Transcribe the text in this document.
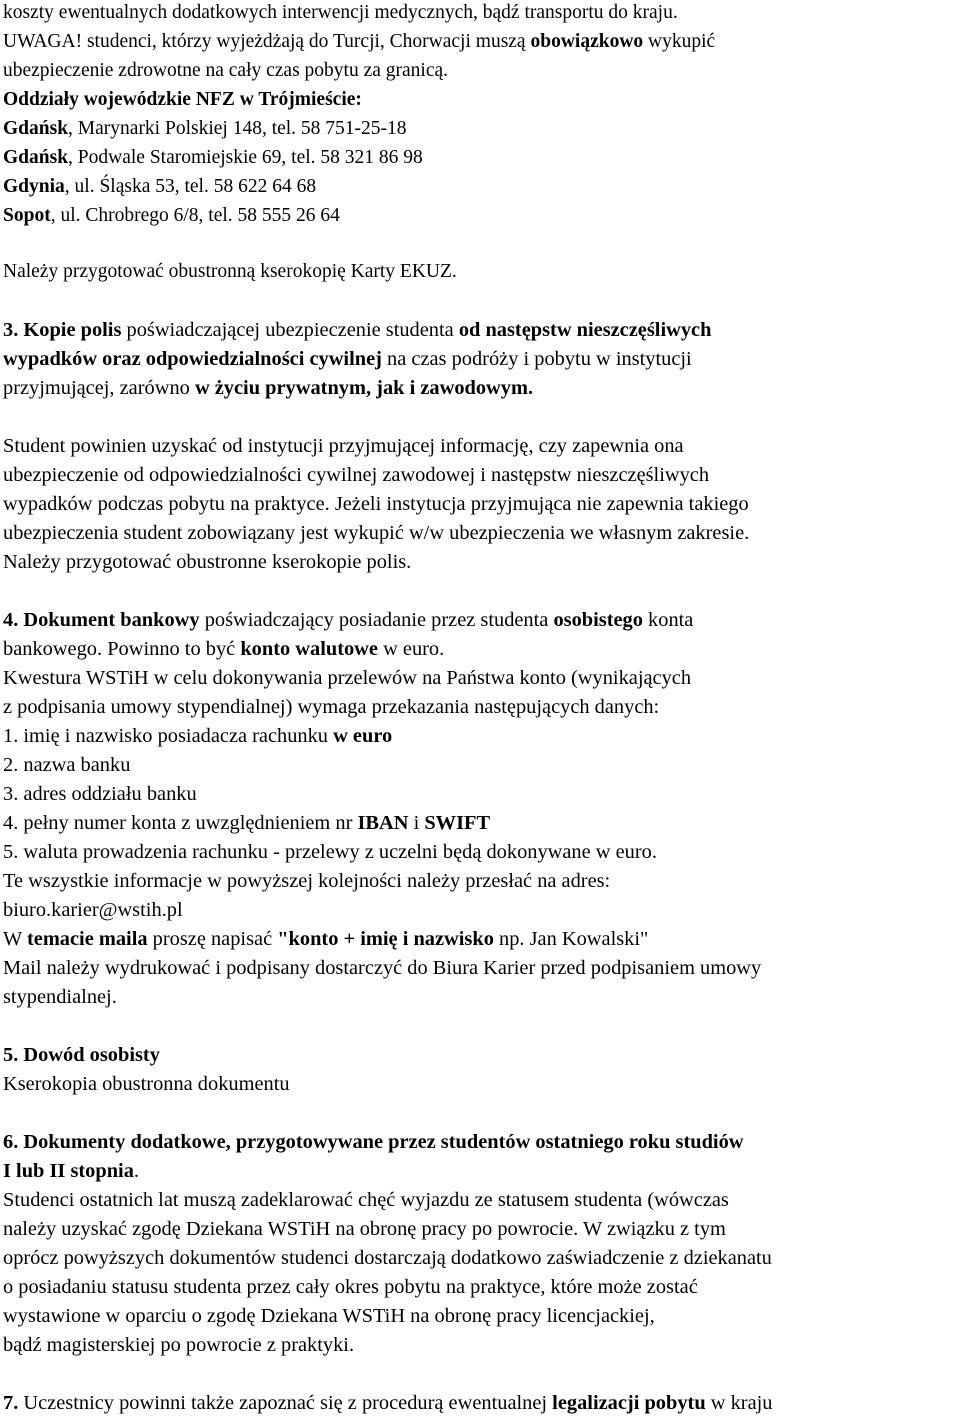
koszty ewentualnych dodatkowych interwencji medycznych, bądź transportu do kraju.
UWAGA! studenci, którzy wyjeżdżają do Turcji, Chorwacji muszą obowiązkowo wykupić
ubezpieczenie zdrowotne na cały czas pobytu za granicą.
Oddziały wojewódzkie NFZ w Trójmieście:
Gdańsk, Marynarki Polskiej 148, tel. 58 751-25-18
Gdańsk, Podwale Staromiejskie 69, tel. 58 321 86 98
Gdynia, ul. Śląska 53, tel. 58 622 64 68
Sopot, ul. Chrobrego 6/8, tel. 58 555 26 64
Należy przygotować obustronną kserokopię Karty EKUZ.
3. Kopie polis poświadczającej ubezpieczenie studenta od następstw nieszczęśliwych
wypadków oraz odpowiedzialności cywilnej na czas podróży i pobytu w instytucji
przyjmującej, zarówno w życiu prywatnym, jak i zawodowym.
Student powinien uzyskać od instytucji przyjmującej informację, czy zapewnia ona
ubezpieczenie od odpowiedzialności cywilnej zawodowej i następstw nieszczęśliwych
wypadków podczas pobytu na praktyce. Jeżeli instytucja przyjmująca nie zapewnia takiego
ubezpieczenia student zobowiązany jest wykupić w/w ubezpieczenia we własnym zakresie.
Należy przygotować obustronne kserokopie polis.
4. Dokument bankowy poświadczający posiadanie przez studenta osobistego konta
bankowego. Powinno to być konto walutowe w euro.
Kwestura WSTiH w celu dokonywania przelewów na Państwa konto (wynikających
z podpisania umowy stypendialnej) wymaga przekazania następujących danych:
1. imię i nazwisko posiadacza rachunku w euro
2. nazwa banku
3. adres oddziału banku
4. pełny numer konta z uwzględnieniem nr IBAN i SWIFT
5. waluta prowadzenia rachunku - przelewy z uczelni będą dokonywane w euro.
Te wszystkie informacje w powyższej kolejności należy przesłać na adres:
biuro.karier@wstih.pl
W temacie maila proszę napisać "konto + imię i nazwisko np. Jan Kowalski"
Mail należy wydrukować i podpisany dostarczyć do Biura Karier przed podpisaniem umowy
stypendialnej.
5. Dowód osobisty
Kserokopia obustronna dokumentu
6. Dokumenty dodatkowe, przygotowywane przez studentów ostatniego roku studiów
I lub II stopnia.
Studenci ostatnich lat muszą zadeklarować chęć wyjazdu ze statusem studenta (wówczas
należy uzyskać zgodę Dziekana WSTiH na obronę pracy po powrocie. W związku z tym
oprócz powyższych dokumentów studenci dostarczają dodatkowo zaświadczenie z dziekanatu
o posiadaniu statusu studenta przez cały okres pobytu na praktyce, które może zostać
wystawione w oparciu o zgodę Dziekana WSTiH na obronę pracy licencjackiej,
bądź magisterskiej po powrocie z praktyki.
7. Uczestnicy powinni także zapoznać się z procedurą ewentualnej legalizacji pobytu w kraju
